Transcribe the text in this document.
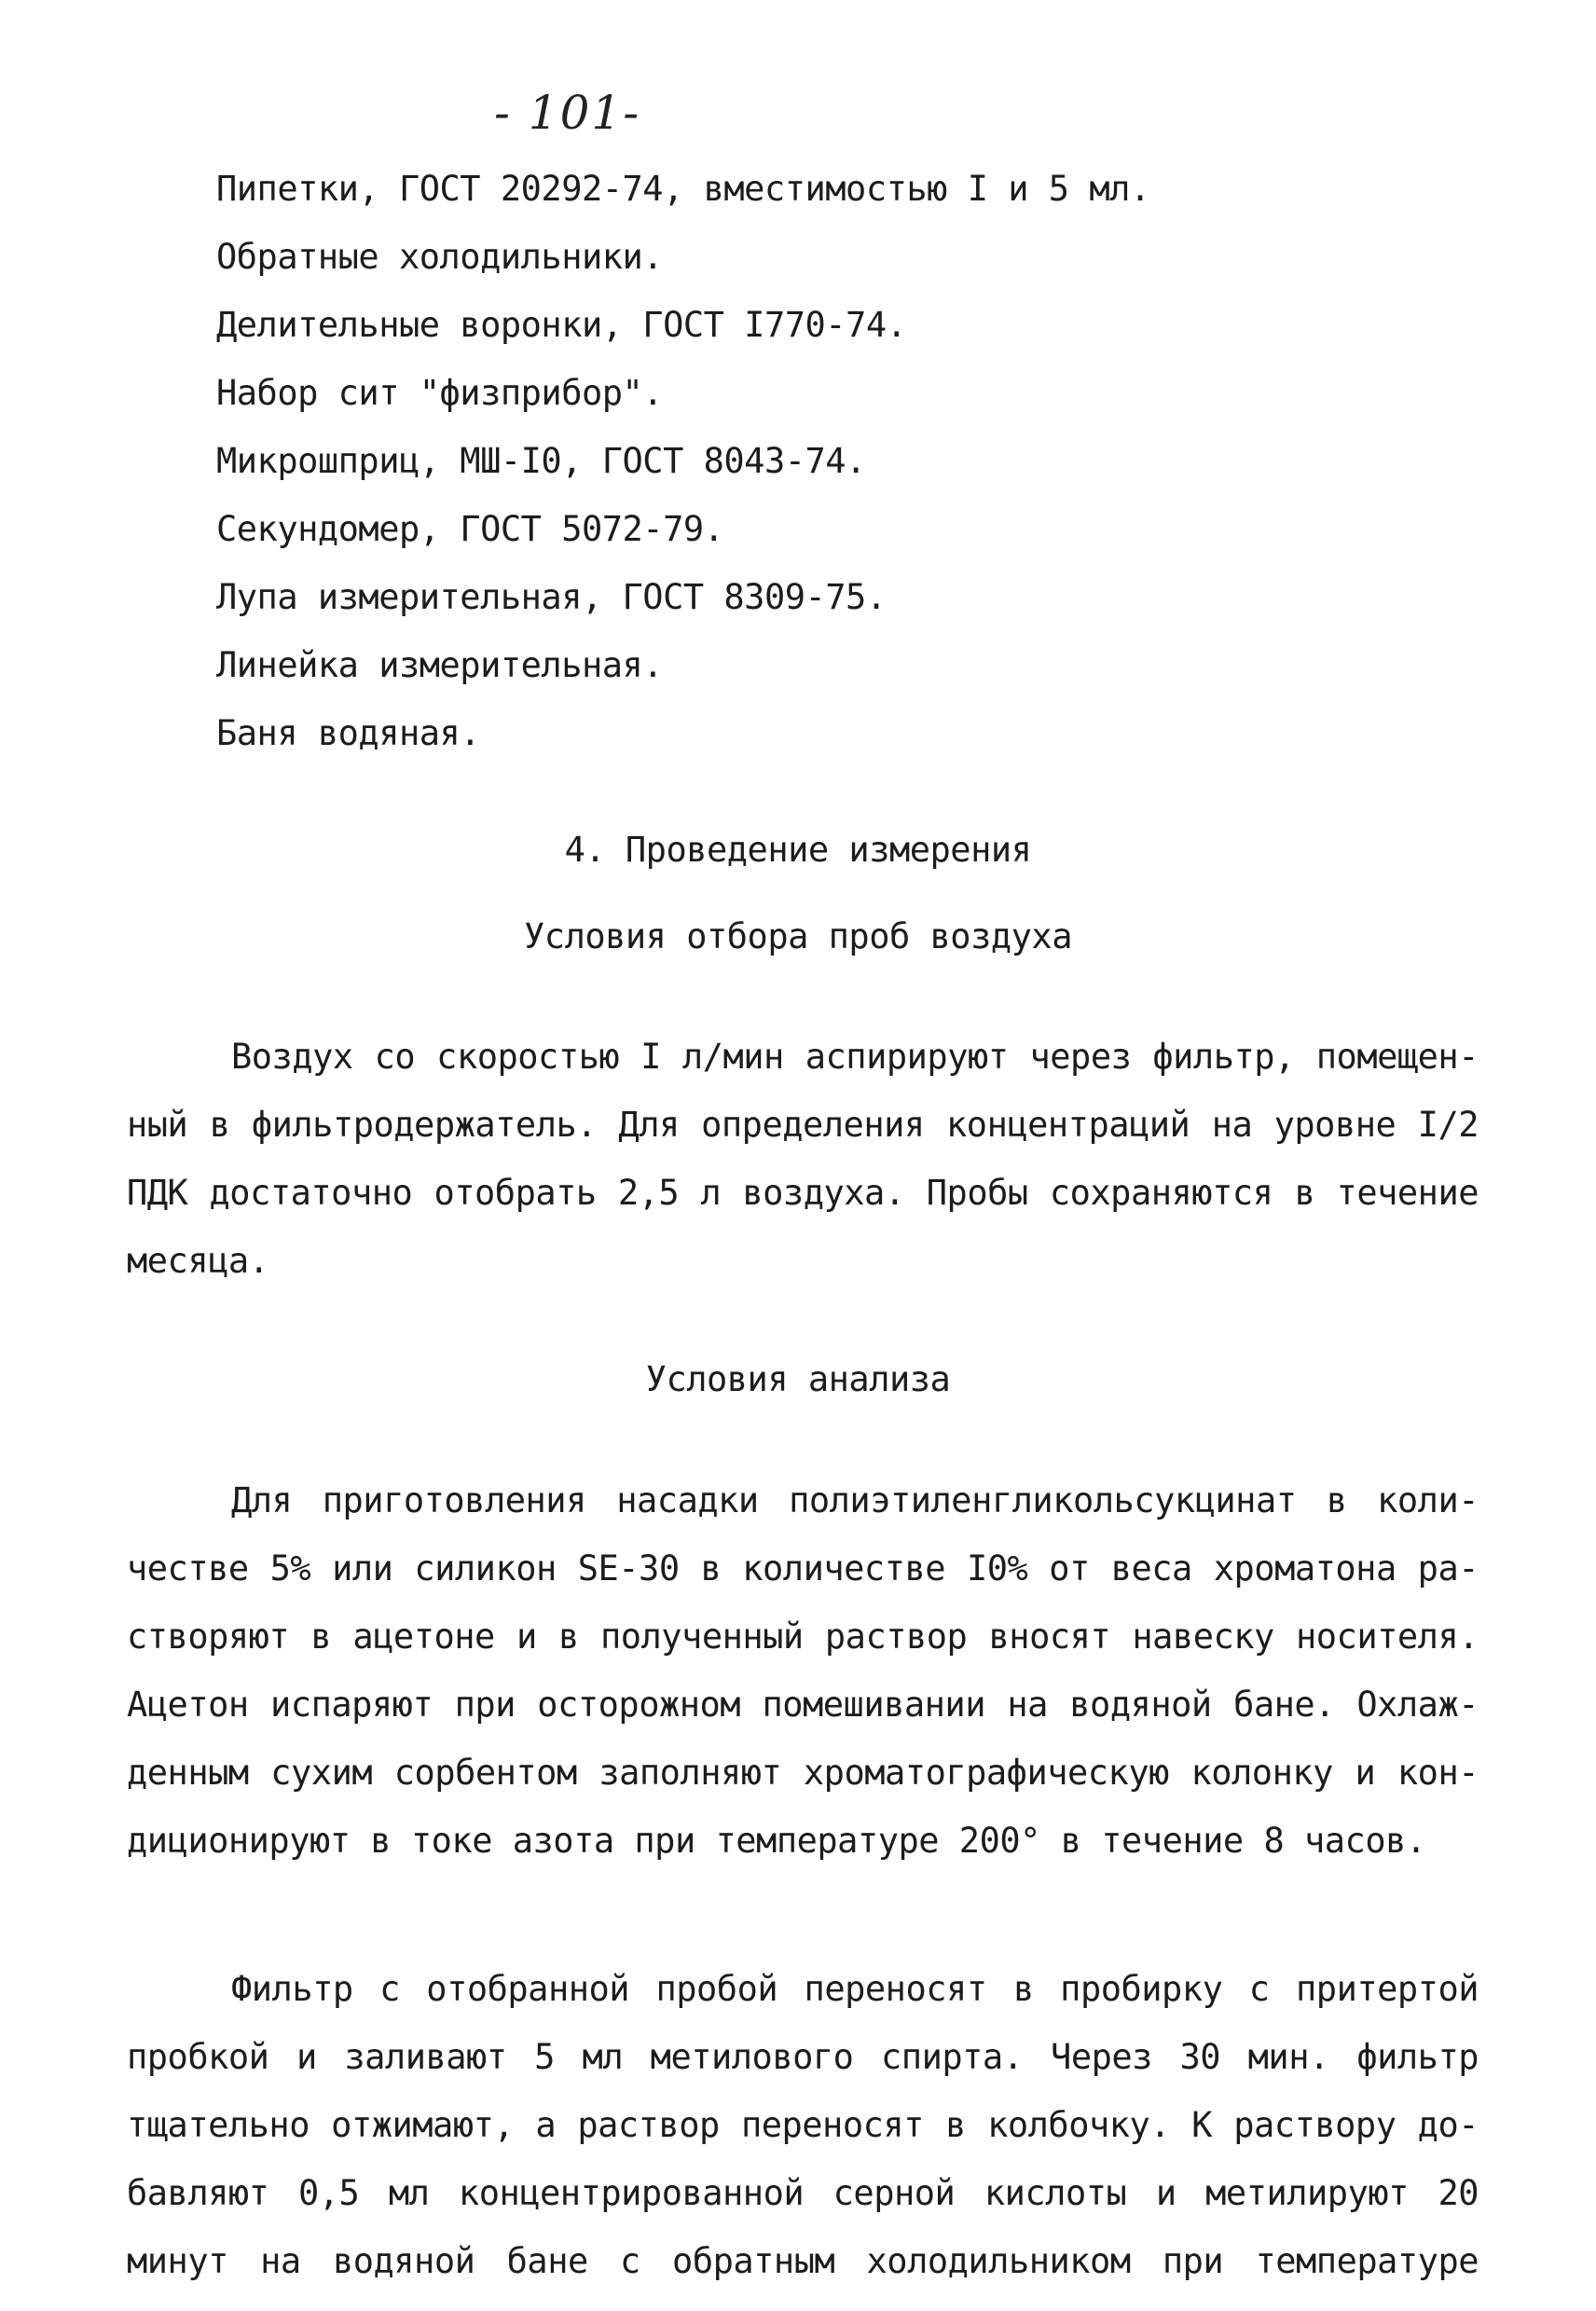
- 101-
Пипетки, ГОСТ 20292-74, вместимостью I и 5 мл.
Обратные холодильники.
Делительные воронки, ГОСТ I770-74.
Набор сит "физприбор".
Микрошприц, МШ-I0, ГОСТ 8043-74.
Секундомер, ГОСТ 5072-79.
Лупа измерительная, ГОСТ 8309-75.
Линейка измерительная.
Баня водяная.
4. Проведение измерения
Условия отбора проб воздуха
Воздух со скоростью I л/мин аспирируют через фильтр, помещен-
ный в фильтродержатель. Для определения концентраций на уровне I/2
ПДК достаточно отобрать 2,5 л воздуха. Пробы сохраняются в течение
месяца.
Условия анализа
Для приготовления насадки полиэтиленгликольсукцинат в коли-
честве 5% или силикон SE-30 в количестве I0% от веса хроматона ра-
створяют в ацетоне и в полученный раствор вносят навеску носителя.
Ацетон испаряют при осторожном помешивании на водяной бане. Охлаж-
денным сухим сорбентом заполняют хроматографическую колонку и кон-
диционируют в токе азота при температуре 200° в течение 8 часов.
Фильтр с отобранной пробой переносят в пробирку с притертой
пробкой и заливают 5 мл метилового спирта. Через 30 мин. фильтр
тщательно отжимают, а раствор переносят в колбочку. К раствору до-
бавляют 0,5 мл концентрированной серной кислоты и метилируют 20
минут на водяной бане с обратным холодильником при температуре
